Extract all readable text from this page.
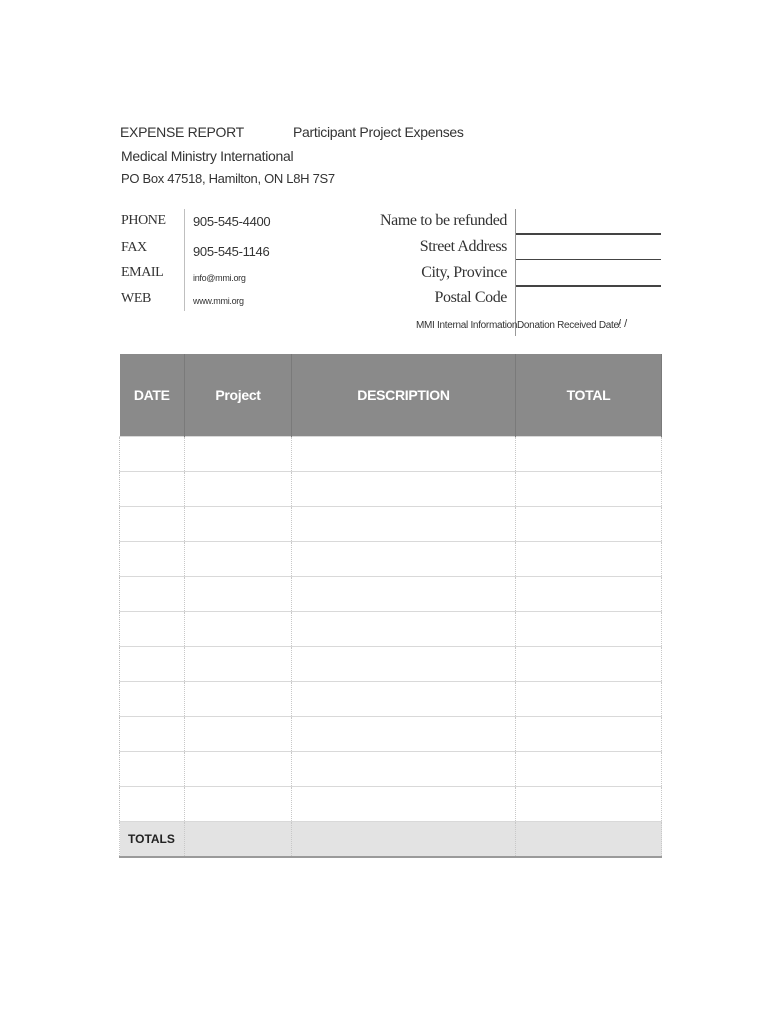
EXPENSE REPORT	Participant Project Expenses
Medical Ministry International
PO Box 47518, Hamilton, ON L8H 7S7
PHONE 905-545-4400
FAX	905-545-1146
EMAIL	info@mmi.org
WEB	www.mmi.org
Name to be refunded
Street Address
City, Province
Postal Code
MMI Internal Information Donation Received Date:
/ /
DATE	Project	DESCRIPTION	TOTAL

TOTALS			
